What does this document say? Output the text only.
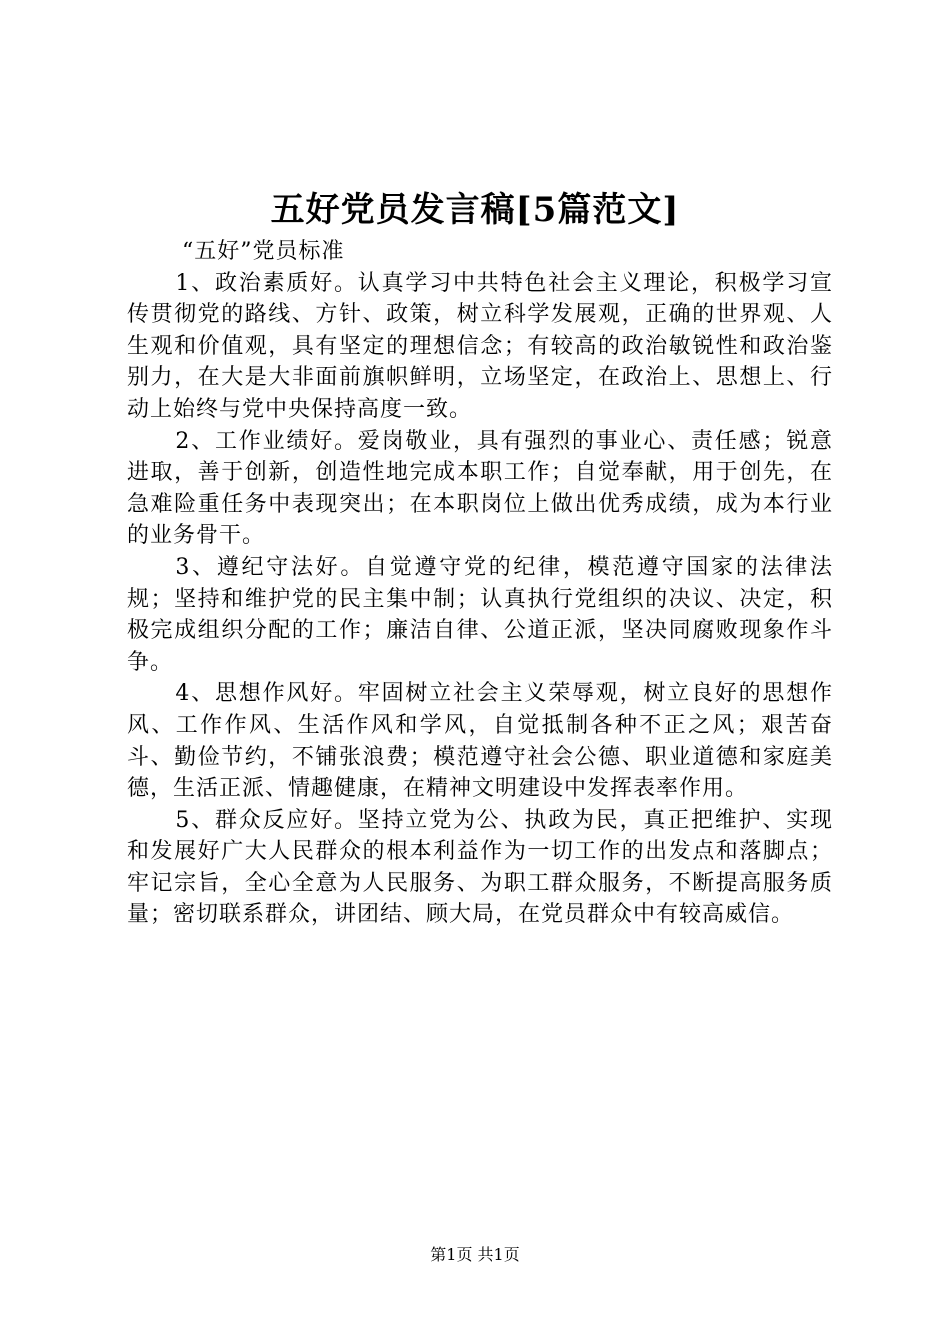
五好党员发言稿[5篇范文]

“五好”党员标准

1、政治素质好。认真学习中共特色社会主义理论，积极学习宣传贯彻党的路线、方针、政策，树立科学发展观，正确的世界观、人生观和价值观，具有坚定的理想信念；有较高的政治敏锐性和政治鉴别力，在大是大非面前旗帜鲜明，立场坚定，在政治上、思想上、行动上始终与党中央保持高度一致。

2、工作业绩好。爱岗敬业，具有强烈的事业心、责任感；锐意进取，善于创新，创造性地完成本职工作；自觉奉献，用于创先，在急难险重任务中表现突出；在本职岗位上做出优秀成绩，成为本行业的业务骨干。

3、遵纪守法好。自觉遵守党的纪律，模范遵守国家的法律法规；坚持和维护党的民主集中制；认真执行党组织的决议、决定，积极完成组织分配的工作；廉洁自律、公道正派，坚决同腐败现象作斗争。

4、思想作风好。牢固树立社会主义荣辱观，树立良好的思想作风、工作作风、生活作风和学风，自觉抵制各种不正之风；艰苦奋斗、勤俭节约，不铺张浪费；模范遵守社会公德、职业道德和家庭美德，生活正派、情趣健康，在精神文明建设中发挥表率作用。

5、群众反应好。坚持立党为公、执政为民，真正把维护、实现和发展好广大人民群众的根本利益作为一切工作的出发点和落脚点；牢记宗旨，全心全意为人民服务、为职工群众服务，不断提高服务质量；密切联系群众，讲团结、顾大局，在党员群众中有较高威信。

第1页 共1页
